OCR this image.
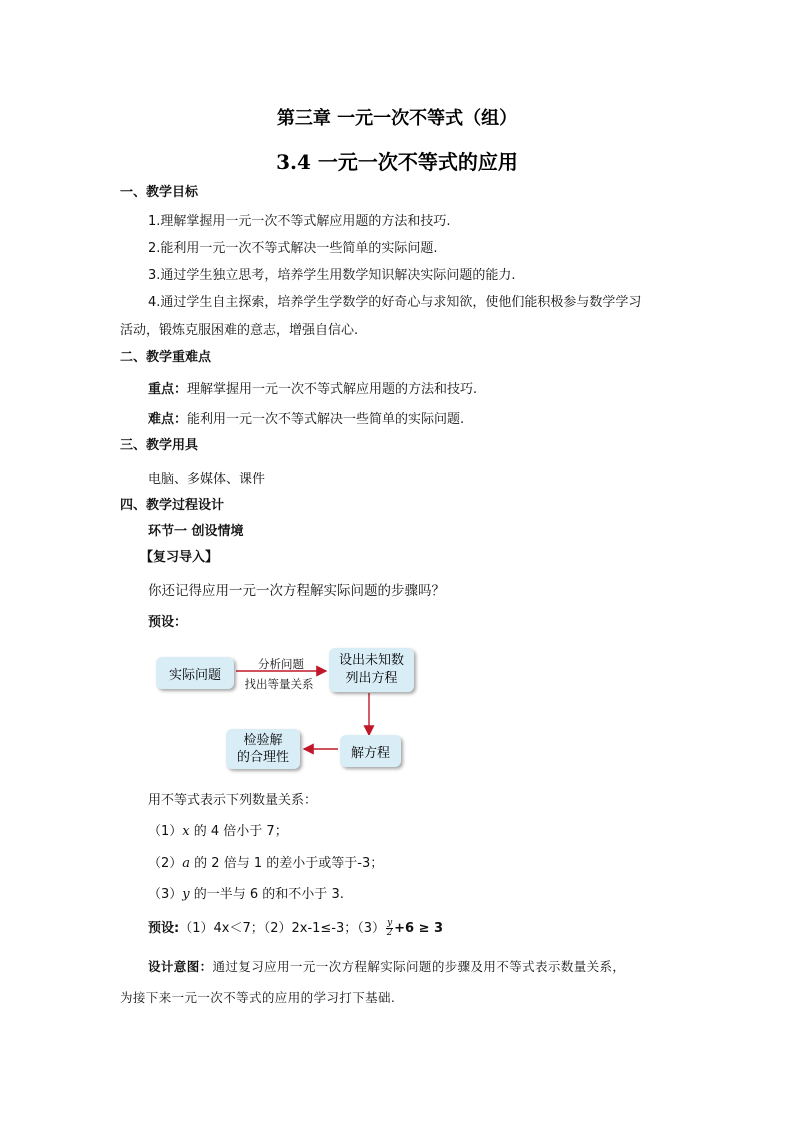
第三章 一元一次不等式（组）
3.4 一元一次不等式的应用
一、教学目标
1.理解掌握用一元一次不等式解应用题的方法和技巧.
2.能利用一元一次不等式解决一些简单的实际问题.
3.通过学生独立思考，培养学生用数学知识解决实际问题的能力.
4.通过学生自主探索，培养学生学数学的好奇心与求知欲，使他们能积极参与数学学习
活动，锻炼克服困难的意志，增强自信心.
二、教学重难点
重点：理解掌握用一元一次不等式解应用题的方法和技巧.
难点：能利用一元一次不等式解决一些简单的实际问题.
三、教学用具
电脑、多媒体、课件
四、教学过程设计
环节一 创设情境
【复习导入】
你还记得应用一元一次方程解实际问题的步骤吗？
预设：
实际问题
分析问题
找出等量关系
设出未知数
列出方程
解方程
检验解
的合理性
用不等式表示下列数量关系：
（1）x 的 4 倍小于 7；
（2）a 的 2 倍与 1 的差小于或等于-3；
（3）y 的一半与 6 的和不小于 3.
预设:（1）4x＜7；（2）2x-1≤-3；$(3) \frac{y}{2} +6 \ge 3$
设计意图：通过复习应用一元一次方程解实际问题的步骤及用不等式表示数量关系，
为接下来一元一次不等式的应用的学习打下基础.
